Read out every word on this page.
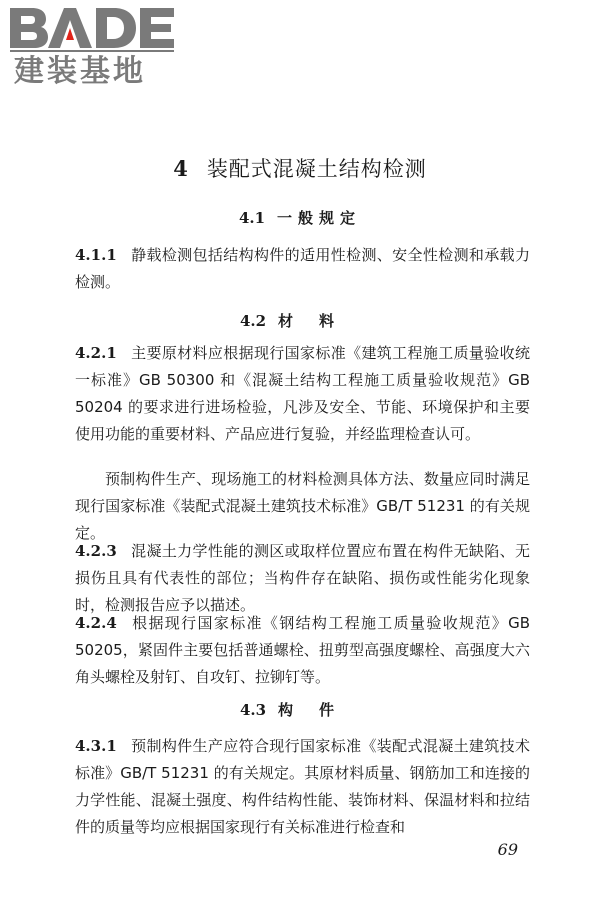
建装基地
4 装配式混凝土结构检测
4.1 一般规定
4.1.1 静载检测包括结构构件的适用性检测、安全性检测和承载力检测。
4.2 材料
4.2.1 主要原材料应根据现行国家标准《建筑工程施工质量验收统一标准》GB 50300 和《混凝土结构工程施工质量验收规范》GB 50204 的要求进行进场检验，凡涉及安全、节能、环境保护和主要使用功能的重要材料、产品应进行复验，并经监理检查认可。
预制构件生产、现场施工的材料检测具体方法、数量应同时满足现行国家标准《装配式混凝土建筑技术标准》GB/T 51231 的有关规定。
4.2.3 混凝土力学性能的测区或取样位置应布置在构件无缺陷、无损伤且具有代表性的部位；当构件存在缺陷、损伤或性能劣化现象时，检测报告应予以描述。
4.2.4 根据现行国家标准《钢结构工程施工质量验收规范》GB 50205，紧固件主要包括普通螺栓、扭剪型高强度螺栓、高强度大六角头螺栓及射钉、自攻钉、拉铆钉等。
4.3 构件
4.3.1 预制构件生产应符合现行国家标准《装配式混凝土建筑技术标准》GB/T 51231 的有关规定。其原材料质量、钢筋加工和连接的力学性能、混凝土强度、构件结构性能、装饰材料、保温材料和拉结件的质量等均应根据国家现行有关标准进行检查和
69
